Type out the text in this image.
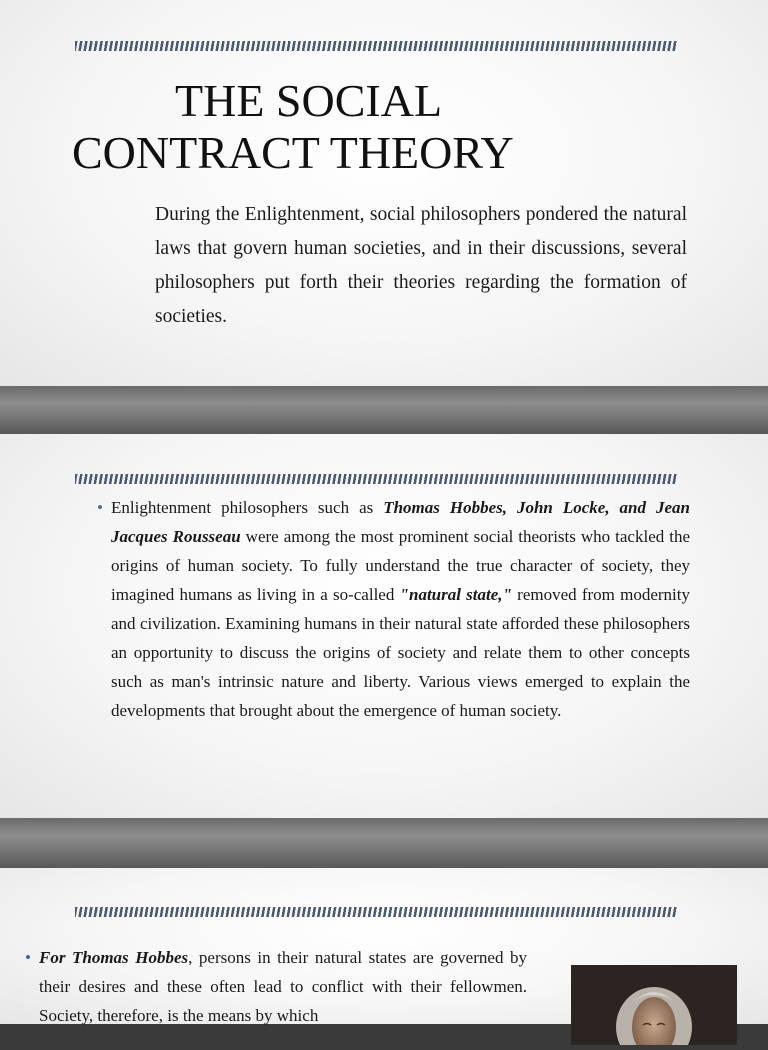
THE SOCIAL
CONTRACT THEORY

During the Enlightenment, social philosophers pondered the natural laws that govern human societies, and in their discussions, several philosophers put forth their theories regarding the formation of societies.

• Enlightenment philosophers such as Thomas Hobbes, John Locke, and Jean Jacques Rousseau were among the most prominent social theorists who tackled the origins of human society. To fully understand the true character of society, they imagined humans as living in a so-called "natural state," removed from modernity and civilization. Examining humans in their natural state afforded these philosophers an opportunity to discuss the origins of society and relate them to other concepts such as man's intrinsic nature and liberty. Various views emerged to explain the developments that brought about the emergence of human society.

• For Thomas Hobbes, persons in their natural states are governed by their desires and these often lead to conflict with their fellowmen. Society, therefore, is the means by which
